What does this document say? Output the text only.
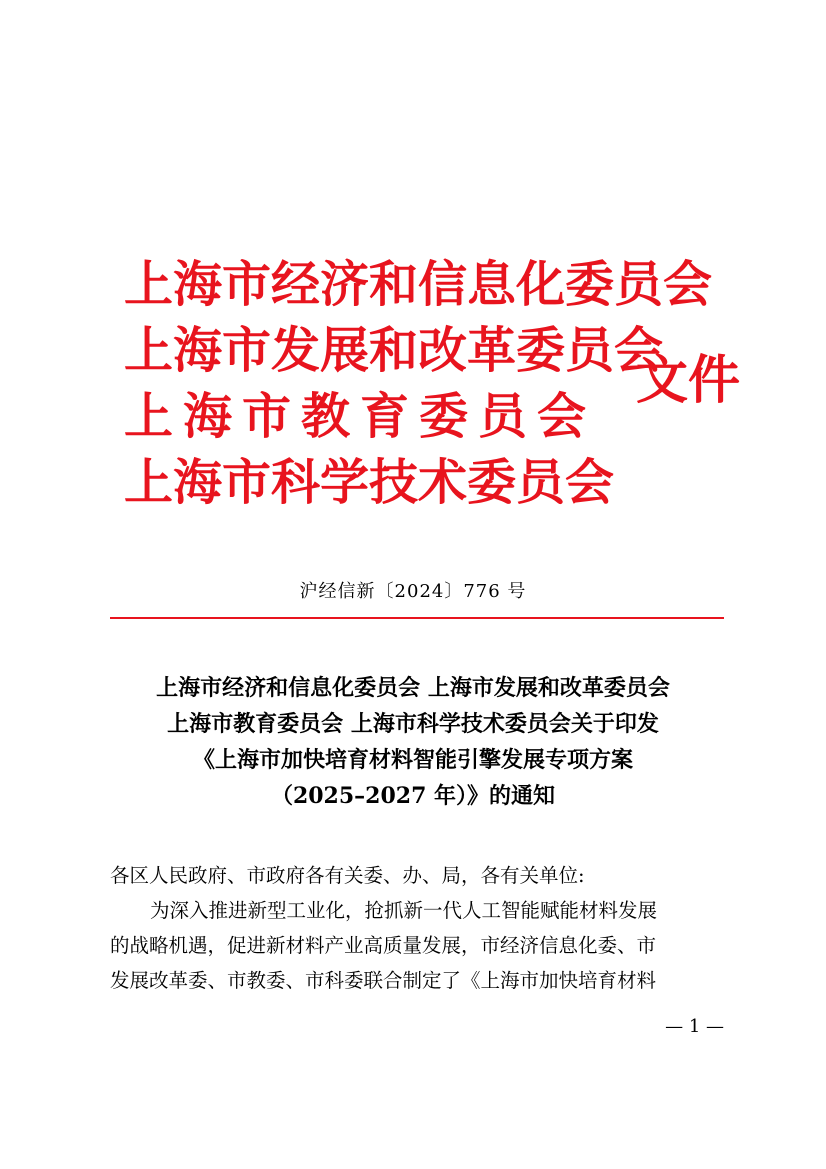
上海市经济和信息化委员会
上海市发展和改革委员会
上海市教育委员会
上海市科学技术委员会
文件
沪经信新〔2024〕776 号
上海市经济和信息化委员会 上海市发展和改革委员会
上海市教育委员会 上海市科学技术委员会关于印发
《上海市加快培育材料智能引擎发展专项方案
（2025–2027 年）》的通知
各区人民政府、市政府各有关委、办、局，各有关单位:
为深入推进新型工业化，抢抓新一代人工智能赋能材料发展
的战略机遇，促进新材料产业高质量发展，市经济信息化委、市
发展改革委、市教委、市科委联合制定了《上海市加快培育材料
— 1 —
